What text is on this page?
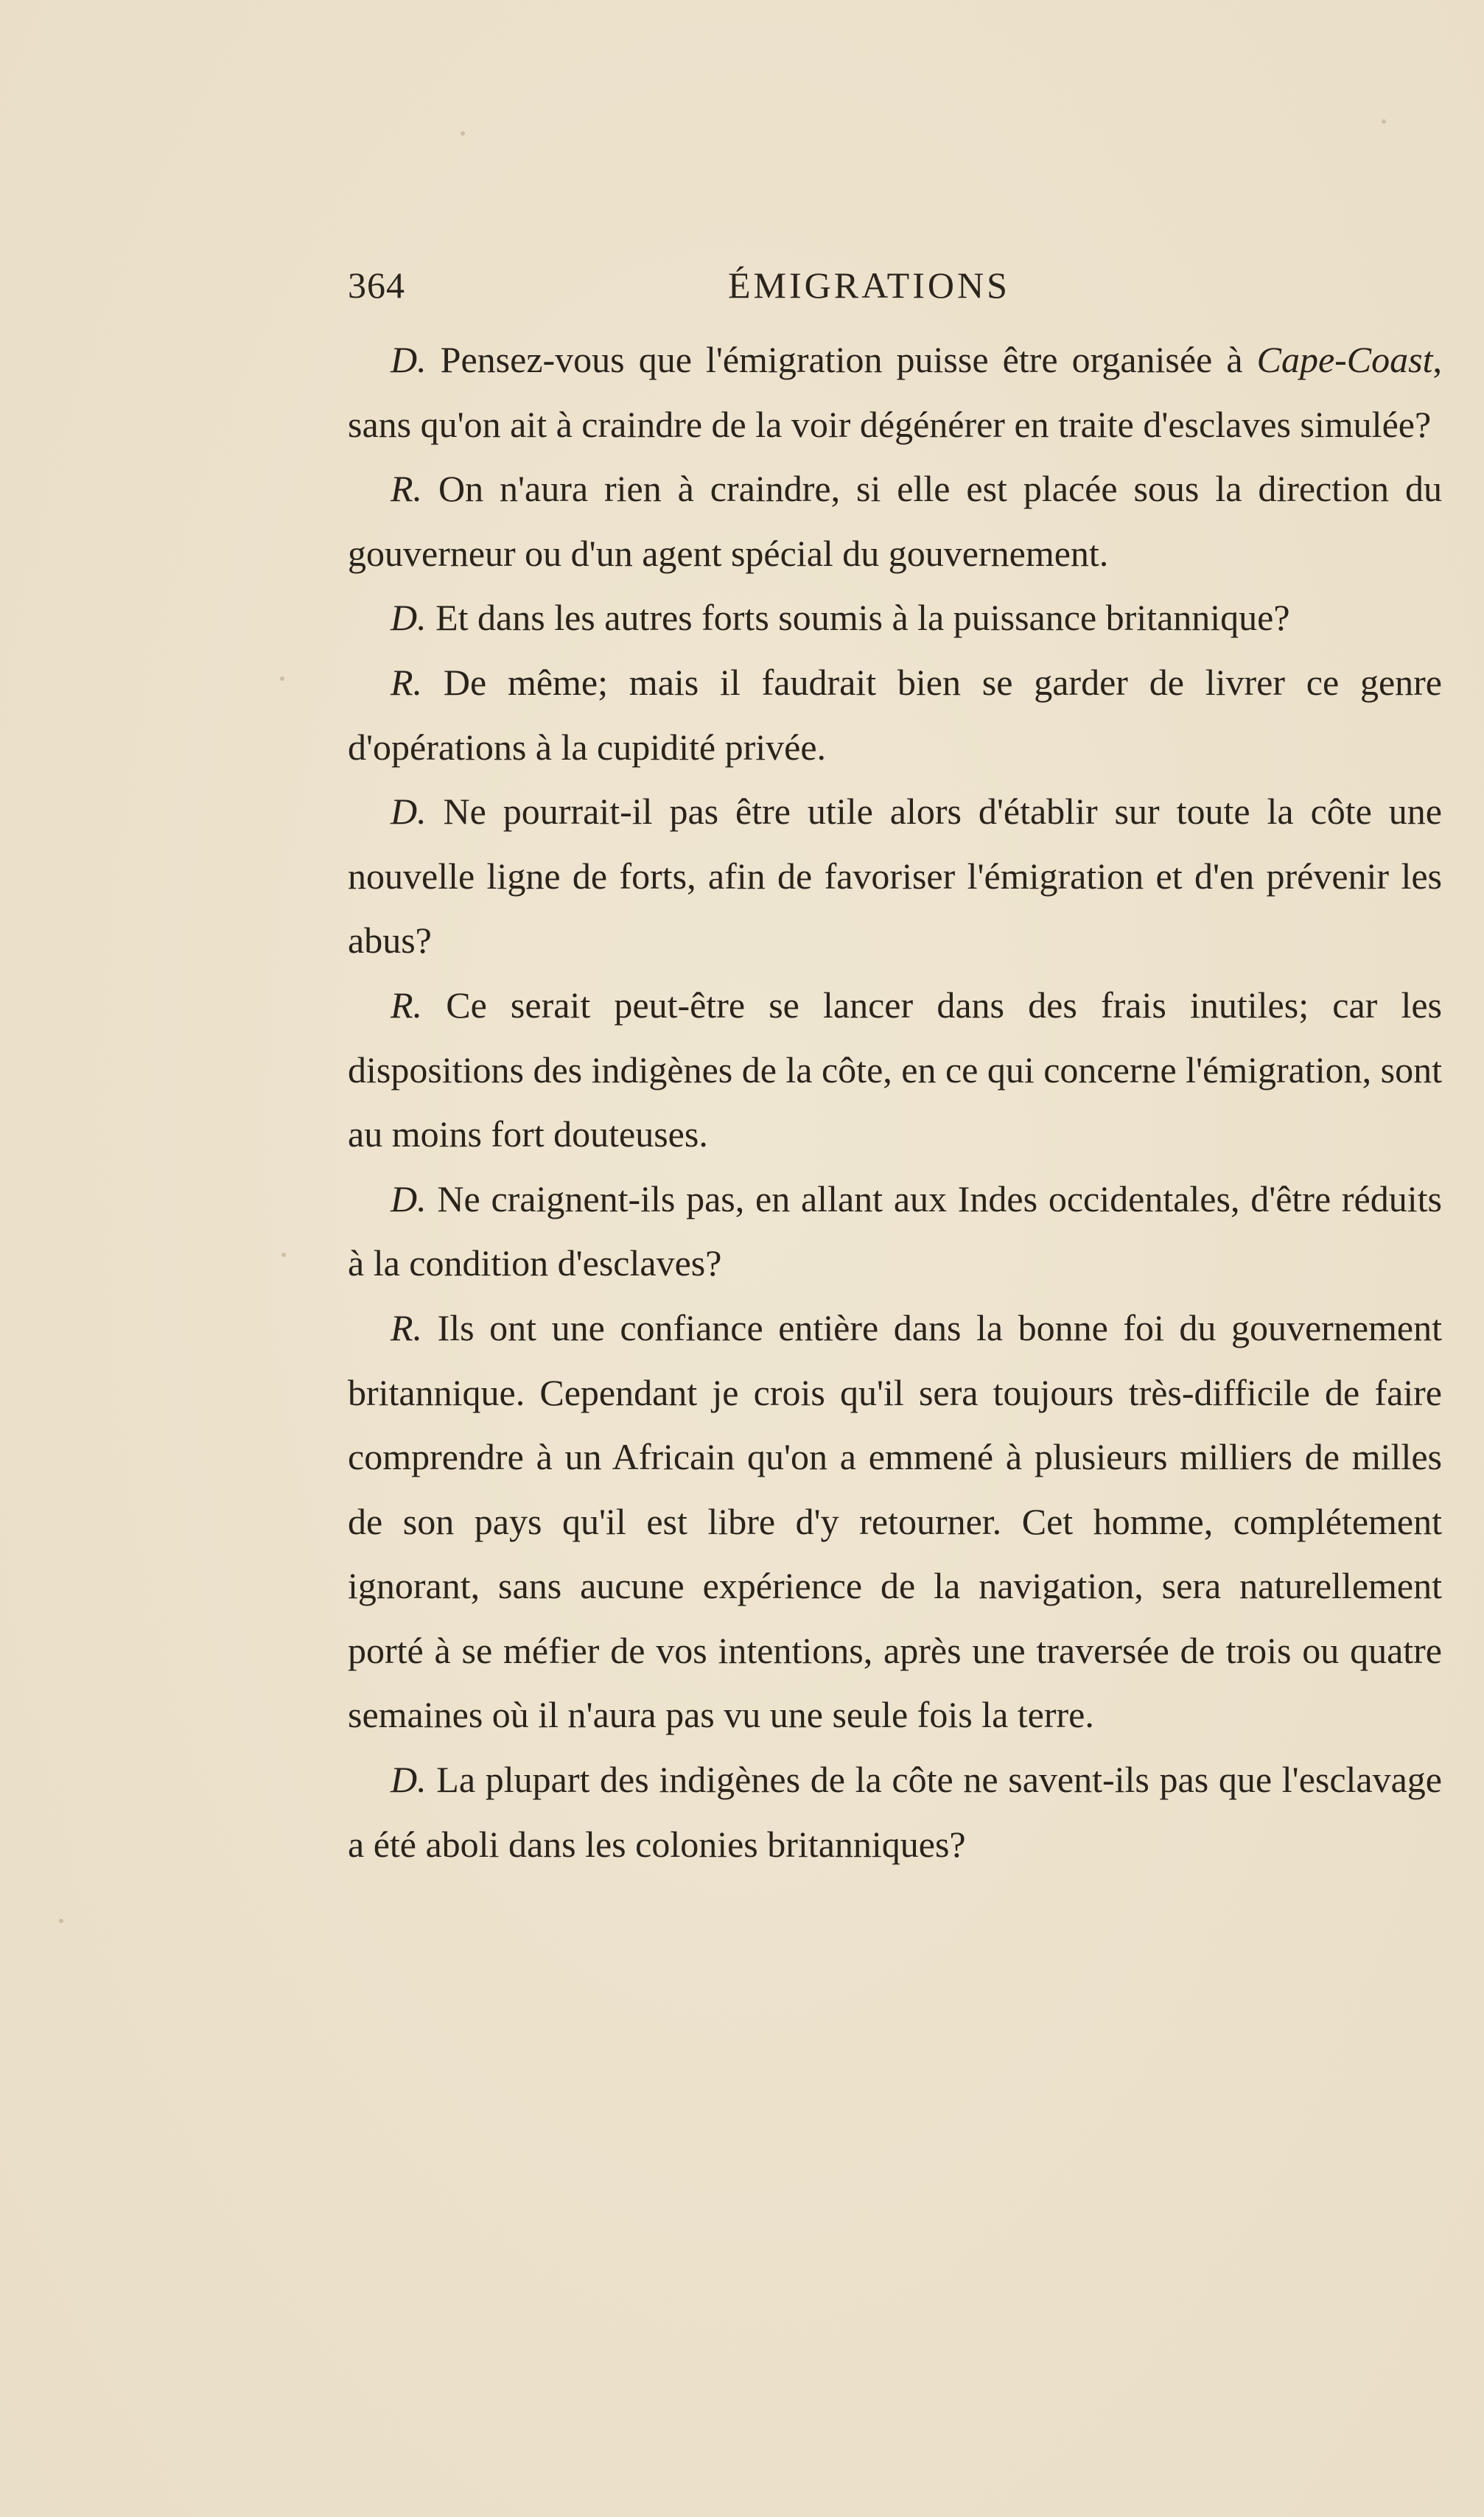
364	ÉMIGRATIONS

D. Pensez-vous que l'émigration puisse être organisée à Cape-Coast, sans qu'on ait à craindre de la voir dégénérer en traite d'esclaves simulée?

R. On n'aura rien à craindre, si elle est placée sous la direction du gouverneur ou d'un agent spécial du gouvernement.

D. Et dans les autres forts soumis à la puissance britannique?

R. De même; mais il faudrait bien se garder de livrer ce genre d'opérations à la cupidité privée.

D. Ne pourrait-il pas être utile alors d'établir sur toute la côte une nouvelle ligne de forts, afin de favoriser l'émigration et d'en prévenir les abus?

R. Ce serait peut-être se lancer dans des frais inutiles; car les dispositions des indigènes de la côte, en ce qui concerne l'émigration, sont au moins fort douteuses.

D. Ne craignent-ils pas, en allant aux Indes occidentales, d'être réduits à la condition d'esclaves?

R. Ils ont une confiance entière dans la bonne foi du gouvernement britannique. Cependant je crois qu'il sera toujours très-difficile de faire comprendre à un Africain qu'on a emmené à plusieurs milliers de milles de son pays qu'il est libre d'y retourner. Cet homme, complétement ignorant, sans aucune expérience de la navigation, sera naturellement porté à se méfier de vos intentions, après une traversée de trois ou quatre semaines où il n'aura pas vu une seule fois la terre.

D. La plupart des indigènes de la côte ne savent-ils pas que l'esclavage a été aboli dans les colonies britanniques?
